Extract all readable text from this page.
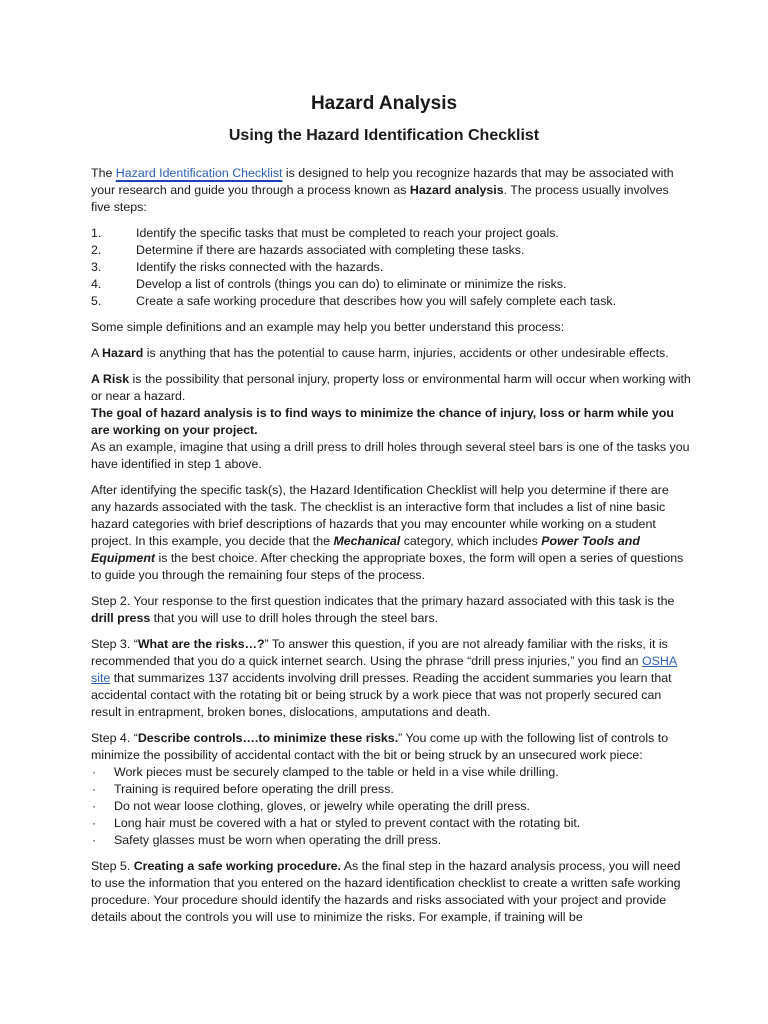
Hazard Analysis
Using the Hazard Identification Checklist

The Hazard Identification Checklist is designed to help you recognize hazards that may be associated with your research and guide you through a process known as Hazard analysis. The process usually involves five steps:

1.	Identify the specific tasks that must be completed to reach your project goals.
2.	Determine if there are hazards associated with completing these tasks.
3.	Identify the risks connected with the hazards.
4.	Develop a list of controls (things you can do) to eliminate or minimize the risks.
5.	Create a safe working procedure that describes how you will safely complete each task.

Some simple definitions and an example may help you better understand this process:

A Hazard is anything that has the potential to cause harm, injuries, accidents or other undesirable effects.

A Risk is the possibility that personal injury, property loss or environmental harm will occur when working with or near a hazard.

The goal of hazard analysis is to find ways to minimize the chance of injury, loss or harm while you are working on your project.

As an example, imagine that using a drill press to drill holes through several steel bars is one of the tasks you have identified in step 1 above.

After identifying the specific task(s), the Hazard Identification Checklist will help you determine if there are any hazards associated with the task. The checklist is an interactive form that includes a list of nine basic hazard categories with brief descriptions of hazards that you may encounter while working on a student project. In this example, you decide that the Mechanical category, which includes Power Tools and Equipment is the best choice. After checking the appropriate boxes, the form will open a series of questions to guide you through the remaining four steps of the process.

Step 2. Your response to the first question indicates that the primary hazard associated with this task is the drill press that you will use to drill holes through the steel bars.

Step 3. “What are the risks…?” To answer this question, if you are not already familiar with the risks, it is recommended that you do a quick internet search. Using the phrase “drill press injuries,” you find an OSHA site that summarizes 137 accidents involving drill presses. Reading the accident summaries you learn that accidental contact with the rotating bit or being struck by a work piece that was not properly secured can result in entrapment, broken bones, dislocations, amputations and death.

Step 4. “Describe controls….to minimize these risks.” You come up with the following list of controls to minimize the possibility of accidental contact with the bit or being struck by an unsecured work piece:

·	Work pieces must be securely clamped to the table or held in a vise while drilling.
·	Training is required before operating the drill press.
·	Do not wear loose clothing, gloves, or jewelry while operating the drill press.
·	Long hair must be covered with a hat or styled to prevent contact with the rotating bit.
·	Safety glasses must be worn when operating the drill press.

Step 5. Creating a safe working procedure. As the final step in the hazard analysis process, you will need to use the information that you entered on the hazard identification checklist to create a written safe working procedure. Your procedure should identify the hazards and risks associated with your project and provide details about the controls you will use to minimize the risks. For example, if training will be
